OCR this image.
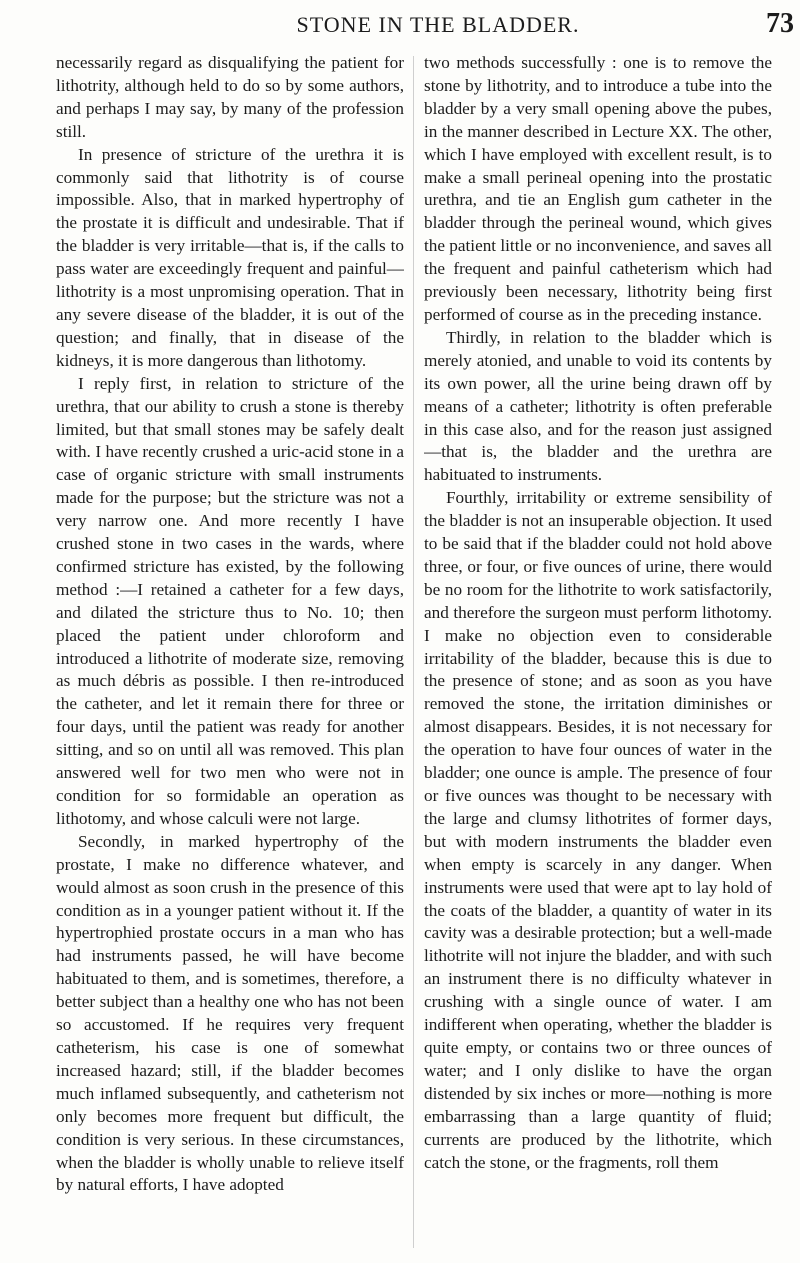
STONE IN THE BLADDER.	73

necessarily regard as disqualifying the patient for lithotrity, although held to do so by some authors, and perhaps I may say, by many of the profession still.

In presence of stricture of the urethra it is commonly said that lithotrity is of course impossible. Also, that in marked hypertrophy of the prostate it is difficult and undesirable. That if the bladder is very irritable—that is, if the calls to pass water are exceedingly frequent and painful—lithotrity is a most unpromising operation. That in any severe disease of the bladder, it is out of the question; and finally, that in disease of the kidneys, it is more dangerous than lithotomy.

I reply first, in relation to stricture of the urethra, that our ability to crush a stone is thereby limited, but that small stones may be safely dealt with. I have recently crushed a uric-acid stone in a case of organic stricture with small instruments made for the purpose; but the stricture was not a very narrow one. And more recently I have crushed stone in two cases in the wards, where confirmed stricture has existed, by the following method :—I retained a catheter for a few days, and dilated the stricture thus to No. 10; then placed the patient under chloroform and introduced a lithotrite of moderate size, removing as much débris as possible. I then re-introduced the catheter, and let it remain there for three or four days, until the patient was ready for another sitting, and so on until all was removed. This plan answered well for two men who were not in condition for so formidable an operation as lithotomy, and whose calculi were not large.

Secondly, in marked hypertrophy of the prostate, I make no difference whatever, and would almost as soon crush in the presence of this condition as in a younger patient without it. If the hypertrophied prostate occurs in a man who has had instruments passed, he will have become habituated to them, and is sometimes, therefore, a better subject than a healthy one who has not been so accustomed. If he requires very frequent catheterism, his case is one of somewhat increased hazard; still, if the bladder becomes much inflamed subsequently, and catheterism not only becomes more frequent but difficult, the condition is very serious. In these circumstances, when the bladder is wholly unable to relieve itself by natural efforts, I have adopted

two methods successfully : one is to remove the stone by lithotrity, and to introduce a tube into the bladder by a very small opening above the pubes, in the manner described in Lecture XX. The other, which I have employed with excellent result, is to make a small perineal opening into the prostatic urethra, and tie an English gum catheter in the bladder through the perineal wound, which gives the patient little or no inconvenience, and saves all the frequent and painful catheterism which had previously been necessary, lithotrity being first performed of course as in the preceding instance.

Thirdly, in relation to the bladder which is merely atonied, and unable to void its contents by its own power, all the urine being drawn off by means of a catheter; lithotrity is often preferable in this case also, and for the reason just assigned—that is, the bladder and the urethra are habituated to instruments.

Fourthly, irritability or extreme sensibility of the bladder is not an insuperable objection. It used to be said that if the bladder could not hold above three, or four, or five ounces of urine, there would be no room for the lithotrite to work satisfactorily, and therefore the surgeon must perform lithotomy. I make no objection even to considerable irritability of the bladder, because this is due to the presence of stone; and as soon as you have removed the stone, the irritation diminishes or almost disappears. Besides, it is not necessary for the operation to have four ounces of water in the bladder; one ounce is ample. The presence of four or five ounces was thought to be necessary with the large and clumsy lithotrites of former days, but with modern instruments the bladder even when empty is scarcely in any danger. When instruments were used that were apt to lay hold of the coats of the bladder, a quantity of water in its cavity was a desirable protection; but a well-made lithotrite will not injure the bladder, and with such an instrument there is no difficulty whatever in crushing with a single ounce of water. I am indifferent when operating, whether the bladder is quite empty, or contains two or three ounces of water; and I only dislike to have the organ distended by six inches or more—nothing is more embarrassing than a large quantity of fluid; currents are produced by the lithotrite, which catch the stone, or the fragments, roll them
